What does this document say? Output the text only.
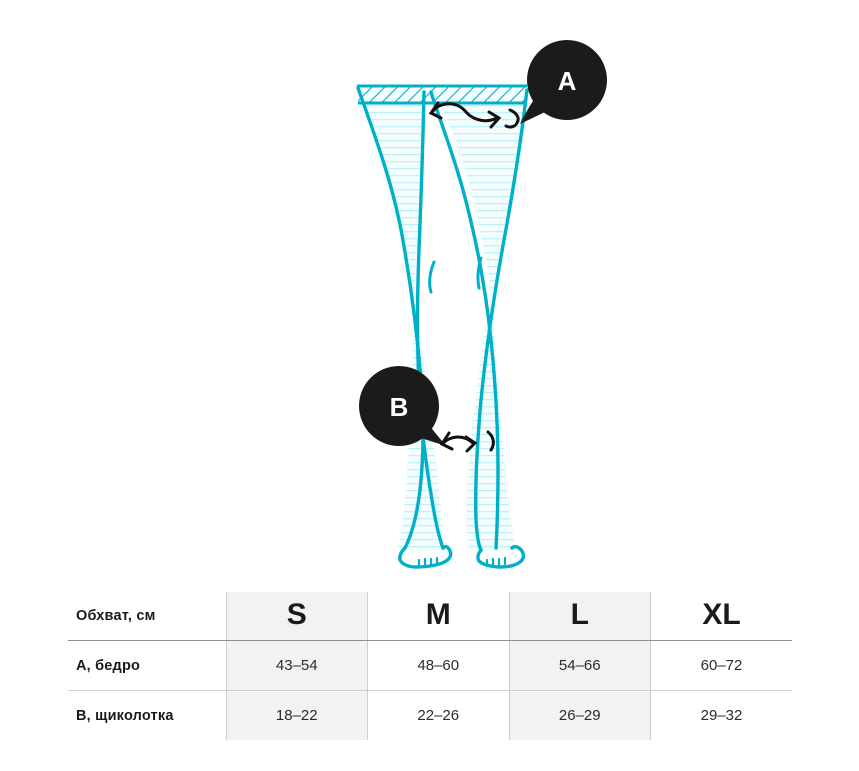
A
B
Обхват, см	S	M	L	XL
A, бедро	43–54	48–60	54–66	60–72
B, щиколотка	18–22	22–26	26–29	29–32
